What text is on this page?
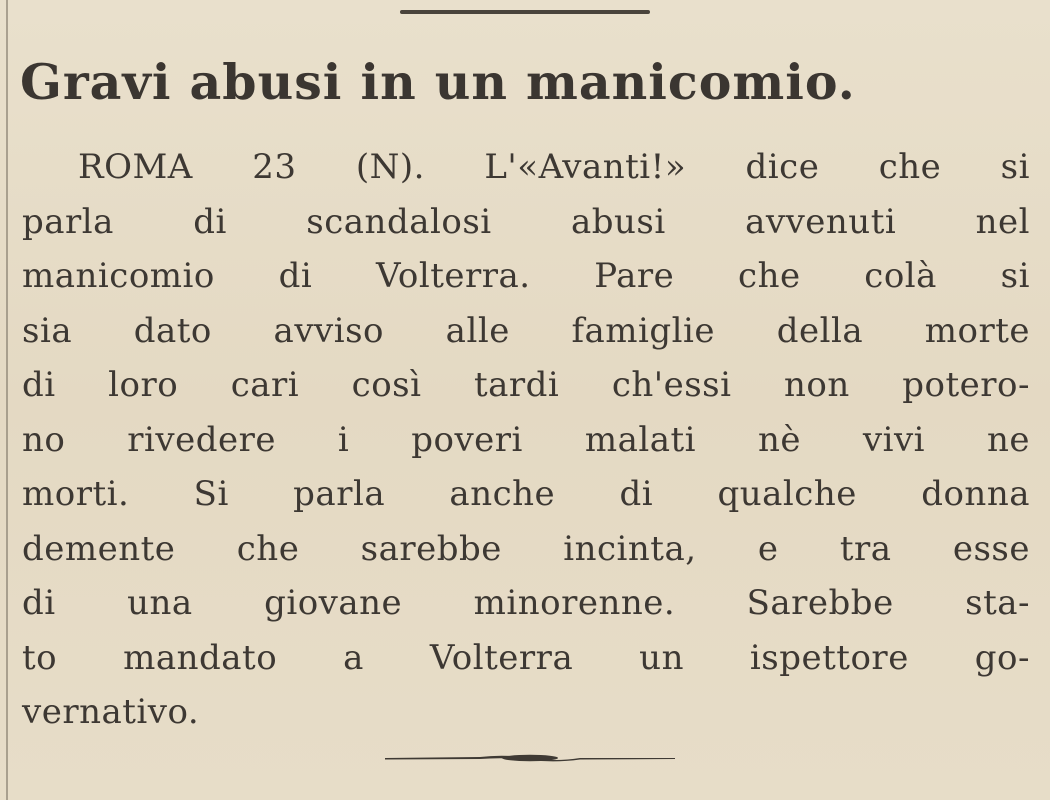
Gravi abusi in un manicomio.
ROMA 23 (N). L'«Avanti!» dice che si
parla di scandalosi abusi avvenuti nel
manicomio di Volterra. Pare che colà si
sia dato avviso alle famiglie della morte
di loro cari così tardi ch'essi non potero-
no rivedere i poveri malati nè vivi ne
morti. Si parla anche di qualche donna
demente che sarebbe incinta, e tra esse
di una giovane minorenne. Sarebbe sta-
to mandato a Volterra un ispettore go-
vernativo.
